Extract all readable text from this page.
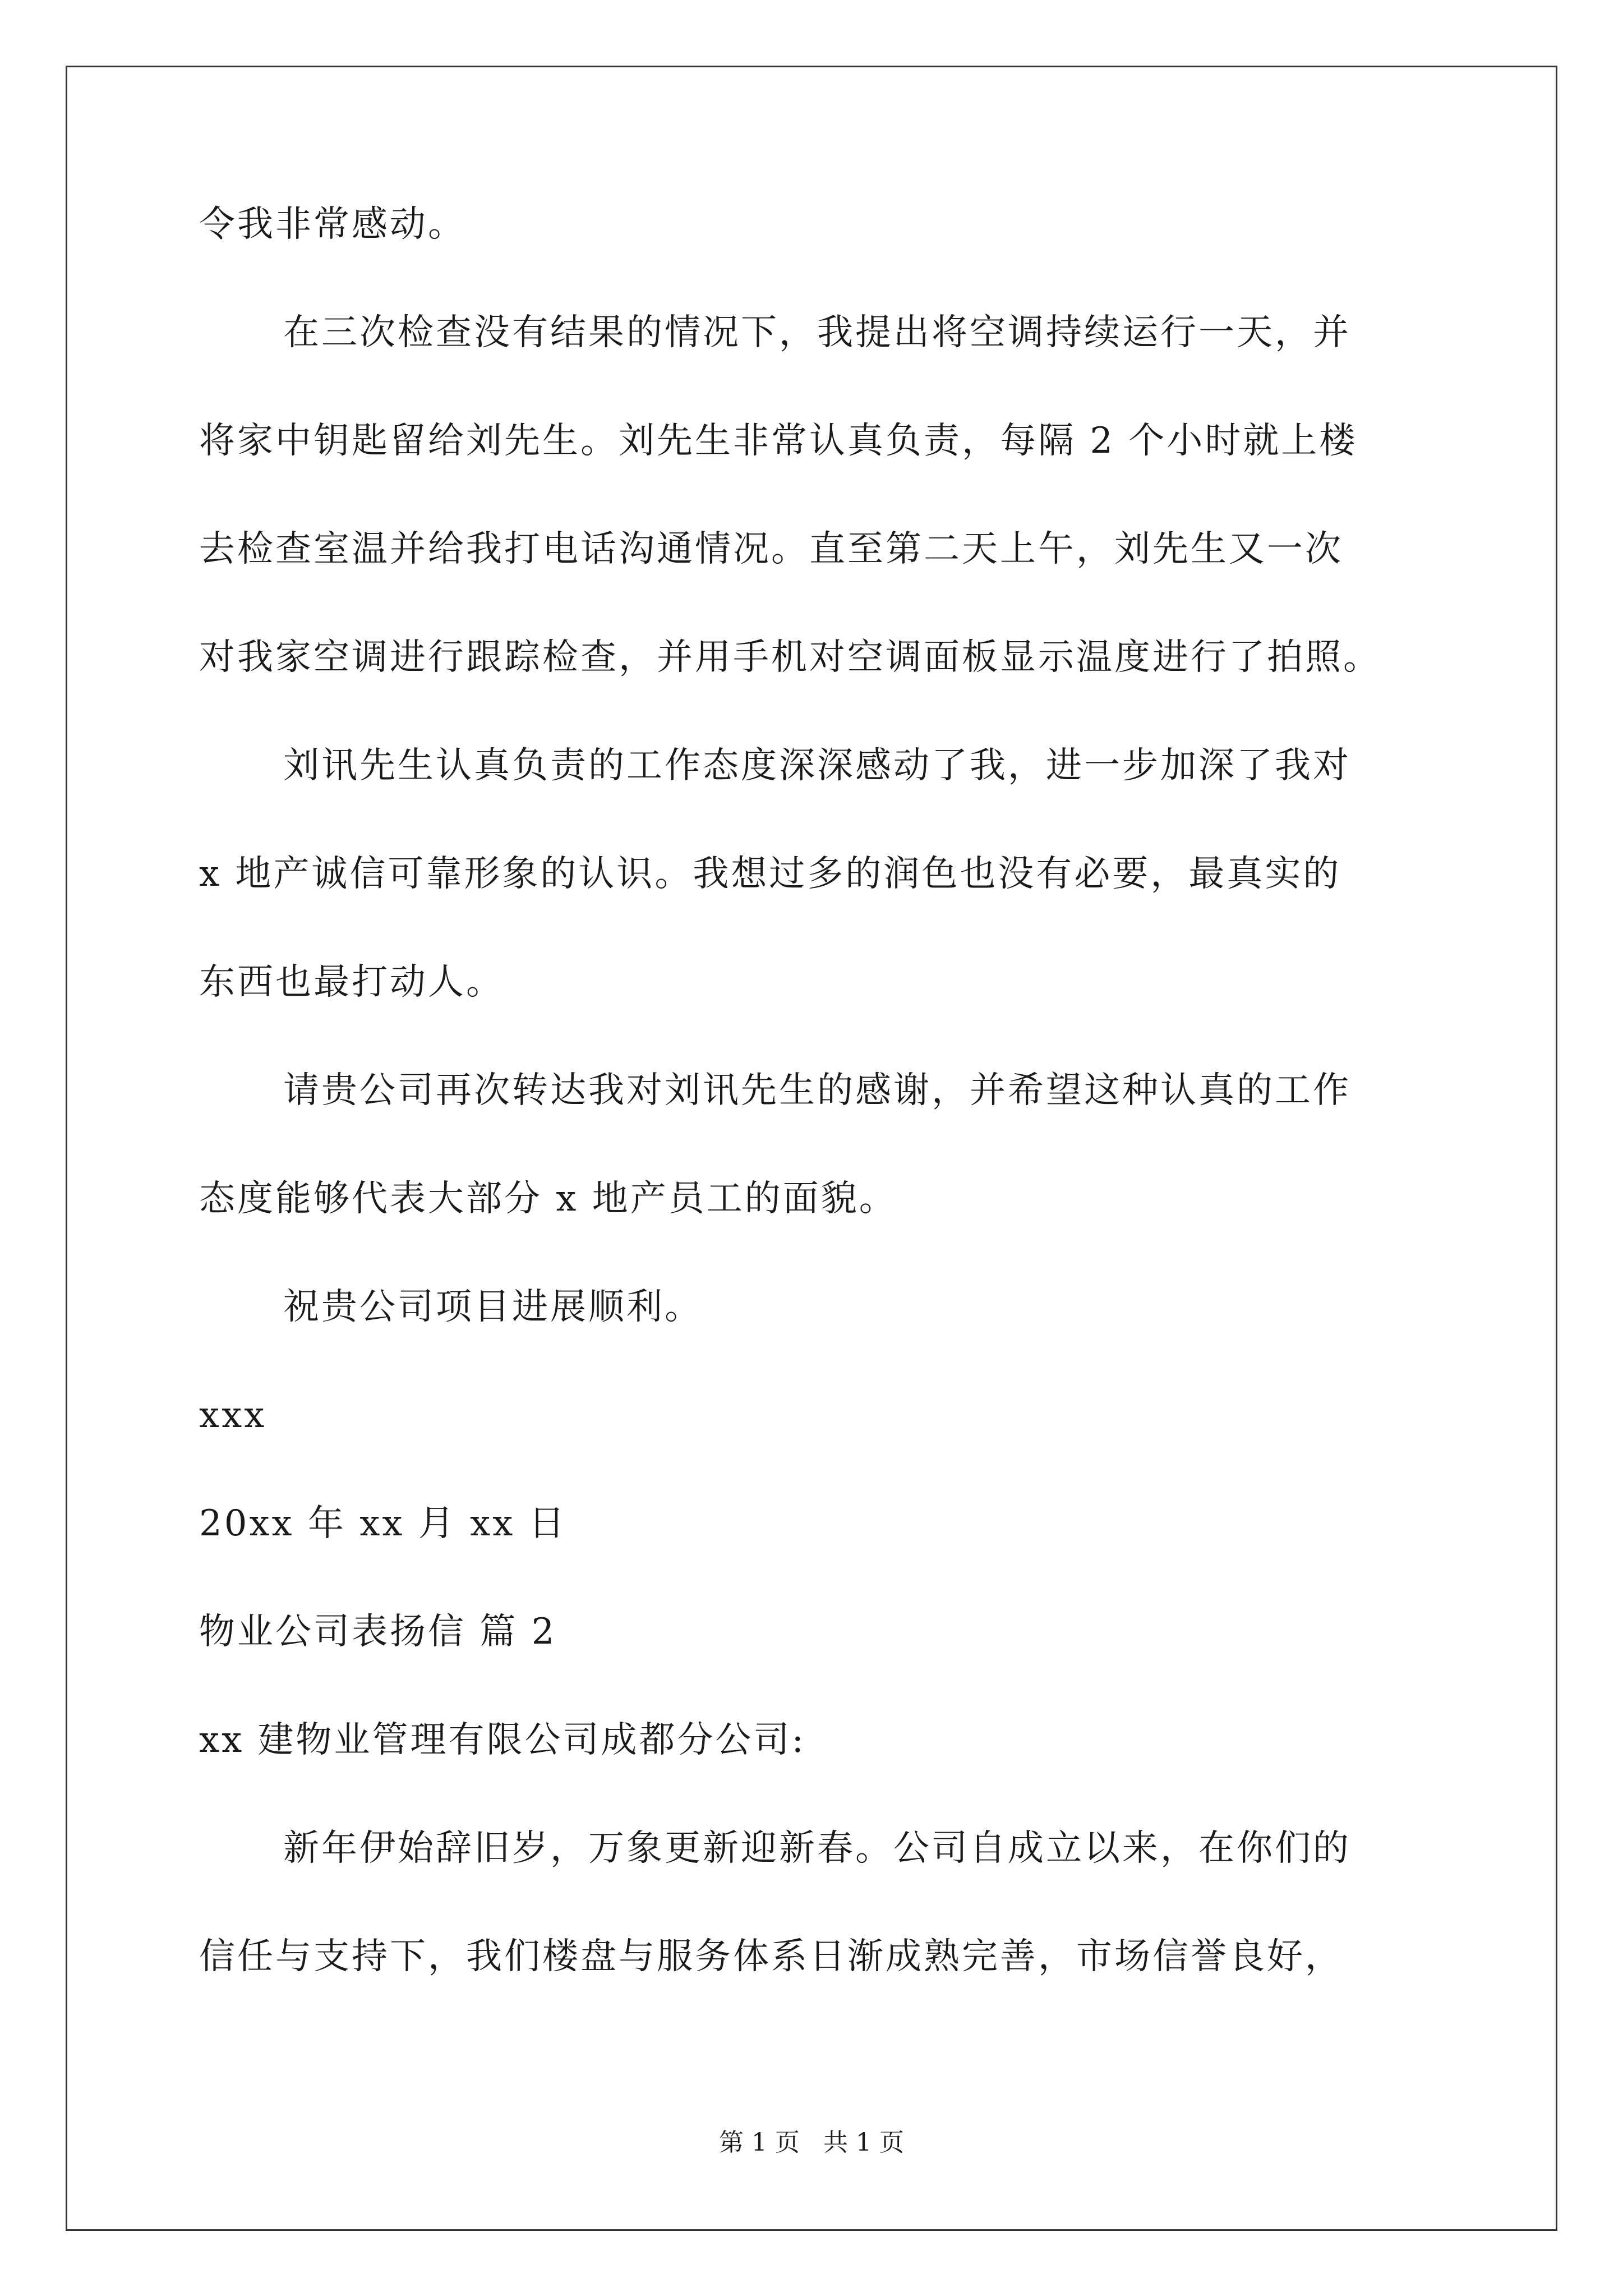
令我非常感动。
在三次检查没有结果的情况下，我提出将空调持续运行一天，并
将家中钥匙留给刘先生。刘先生非常认真负责，每隔 2 个小时就上楼
去检查室温并给我打电话沟通情况。直至第二天上午，刘先生又一次
对我家空调进行跟踪检查，并用手机对空调面板显示温度进行了拍照。
刘讯先生认真负责的工作态度深深感动了我，进一步加深了我对
x 地产诚信可靠形象的认识。我想过多的润色也没有必要，最真实的
东西也最打动人。
请贵公司再次转达我对刘讯先生的感谢，并希望这种认真的工作
态度能够代表大部分 x 地产员工的面貌。
祝贵公司项目进展顺利。
xxx
20xx 年 xx 月 xx 日
物业公司表扬信 篇 2
xx 建物业管理有限公司成都分公司:
新年伊始辞旧岁，万象更新迎新春。公司自成立以来，在你们的
信任与支持下，我们楼盘与服务体系日渐成熟完善，市场信誉良好，
第 1 页 共 1 页
